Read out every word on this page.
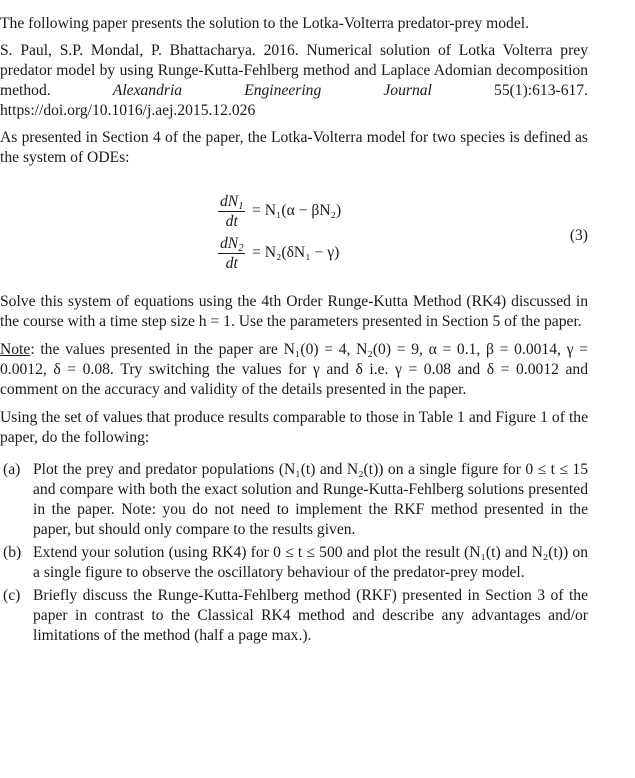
The following paper presents the solution to the Lotka-Volterra predator-prey model.

S. Paul, S.P. Mondal, P. Bhattacharya. 2016. Numerical solution of Lotka Volterra prey predator model by using Runge-Kutta-Fehlberg method and Laplace Adomian decomposition method.	Alexandria Engineering Journal	55(1):613-617. https://doi.org/10.1016/j.aej.2015.12.026

As presented in Section 4 of the paper, the Lotka-Volterra model for two species is defined as the system of ODEs:

$\frac{dN_1}{dt} = N_1(\alpha - \beta N_2)$
$\frac{dN_2}{dt} = N_2(\delta N_1 - \gamma)$
(3)

Solve this system of equations using the 4th Order Runge-Kutta Method (RK4) discussed in the course with a time step size h = 1. Use the parameters presented in Section 5 of the paper.

Note: the values presented in the paper are N₁(0) = 4, N₂(0) = 9, α = 0.1, β = 0.0014, γ = 0.0012, δ = 0.08. Try switching the values for γ and δ i.e. γ = 0.08 and δ = 0.0012 and comment on the accuracy and validity of the details presented in the paper.

Using the set of values that produce results comparable to those in Table 1 and Figure 1 of the paper, do the following:

(a) Plot the prey and predator populations (N₁(t) and N₂(t)) on a single figure for 0 ≤ t ≤ 15 and compare with both the exact solution and Runge-Kutta-Fehlberg solutions presented in the paper. Note: you do not need to implement the RKF method presented in the paper, but should only compare to the results given.
(b) Extend your solution (using RK4) for 0 ≤ t ≤ 500 and plot the result (N₁(t) and N₂(t)) on a single figure to observe the oscillatory behaviour of the predator-prey model.
(c) Briefly discuss the Runge-Kutta-Fehlberg method (RKF) presented in Section 3 of the paper in contrast to the Classical RK4 method and describe any advantages and/or limitations of the method (half a page max.).
